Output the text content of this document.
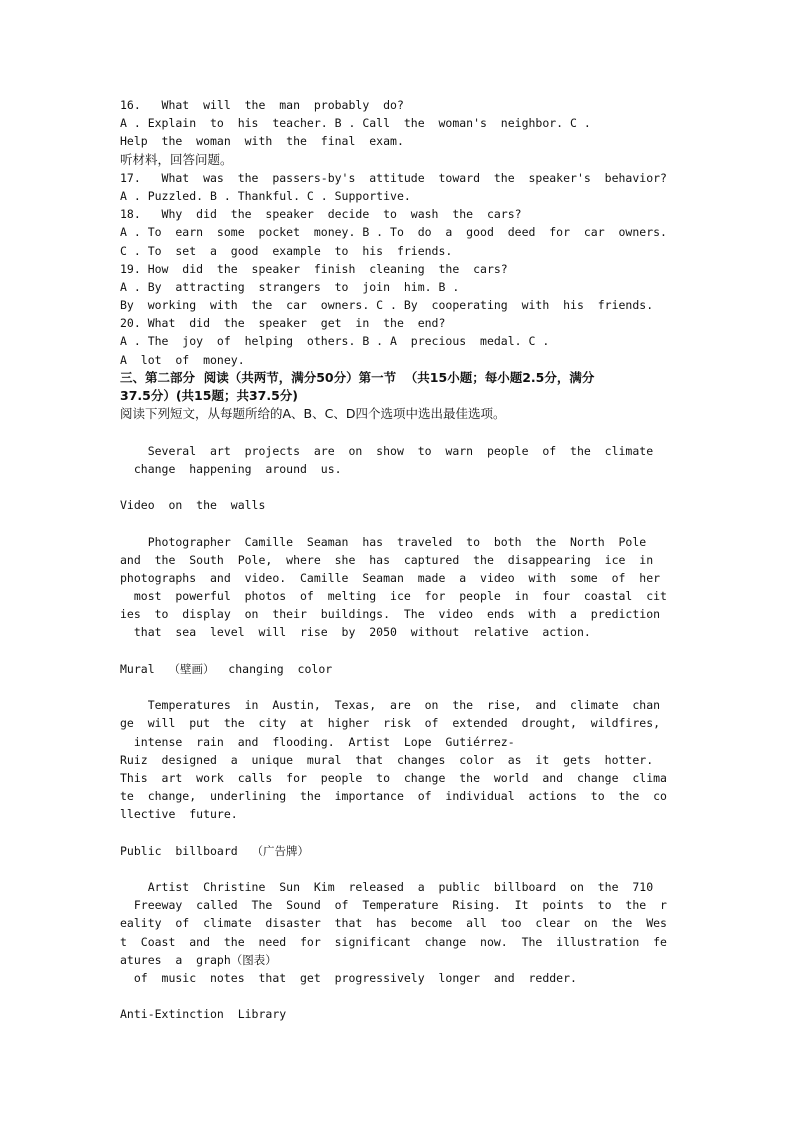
16.   What  will  the  man  probably  do?
A . Explain  to  his  teacher. B . Call  the  woman's  neighbor. C .
Help  the  woman  with  the  final  exam.
听材料，回答问题。
17.   What  was  the  passers-by's  attitude  toward  the  speaker's  behavior?
A . Puzzled. B . Thankful. C . Supportive.
18.   Why  did  the  speaker  decide  to  wash  the  cars?
A . To  earn  some  pocket  money. B . To  do  a  good  deed  for  car  owners.
C . To  set  a  good  example  to  his  friends.
19. How  did  the  speaker  finish  cleaning  the  cars?
A . By  attracting  strangers  to  join  him. B .
By  working  with  the  car  owners. C . By  cooperating  with  his  friends.
20. What  did  the  speaker  get  in  the  end?
A . The  joy  of  helping  others. B . A  precious  medal. C .
A  lot  of  money.
三、第二部分  阅读（共两节，满分50分）第一节  （共15小题；每小题2.5分，满分
37.5分）(共15题；共37.5分)
阅读下列短文，从每题所给的A、B、C、D四个选项中选出最佳选项。
Several  art  projects  are  on  show  to  warn  people  of  the  climate
change  happening  around  us.
Video  on  the  walls
Photographer  Camille  Seaman  has  traveled  to  both  the  North  Pole
and  the  South  Pole,  where  she  has  captured  the  disappearing  ice  in
photographs  and  video.  Camille  Seaman  made  a  video  with  some  of  her
most  powerful  photos  of  melting  ice  for  people  in  four  coastal  cit
ies  to  display  on  their  buildings.  The  video  ends  with  a  prediction
that  sea  level  will  rise  by  2050  without  relative  action.
Mural  （壁画）  changing  color
Temperatures  in  Austin,  Texas,  are  on  the  rise,  and  climate  chan
ge  will  put  the  city  at  higher  risk  of  extended  drought,  wildfires,
intense  rain  and  flooding.  Artist  Lope  Gutiérrez-
Ruiz  designed  a  unique  mural  that  changes  color  as  it  gets  hotter.
This  art  work  calls  for  people  to  change  the  world  and  change  clima
te  change,  underlining  the  importance  of  individual  actions  to  the  co
llective  future.
Public  billboard  （广告牌）
Artist  Christine  Sun  Kim  released  a  public  billboard  on  the  710
Freeway  called  The  Sound  of  Temperature  Rising.  It  points  to  the  r
eality  of  climate  disaster  that  has  become  all  too  clear  on  the  Wes
t  Coast  and  the  need  for  significant  change  now.  The  illustration  fe
atures  a  graph（图表）
of  music  notes  that  get  progressively  longer  and  redder.
Anti-Extinction  Library
